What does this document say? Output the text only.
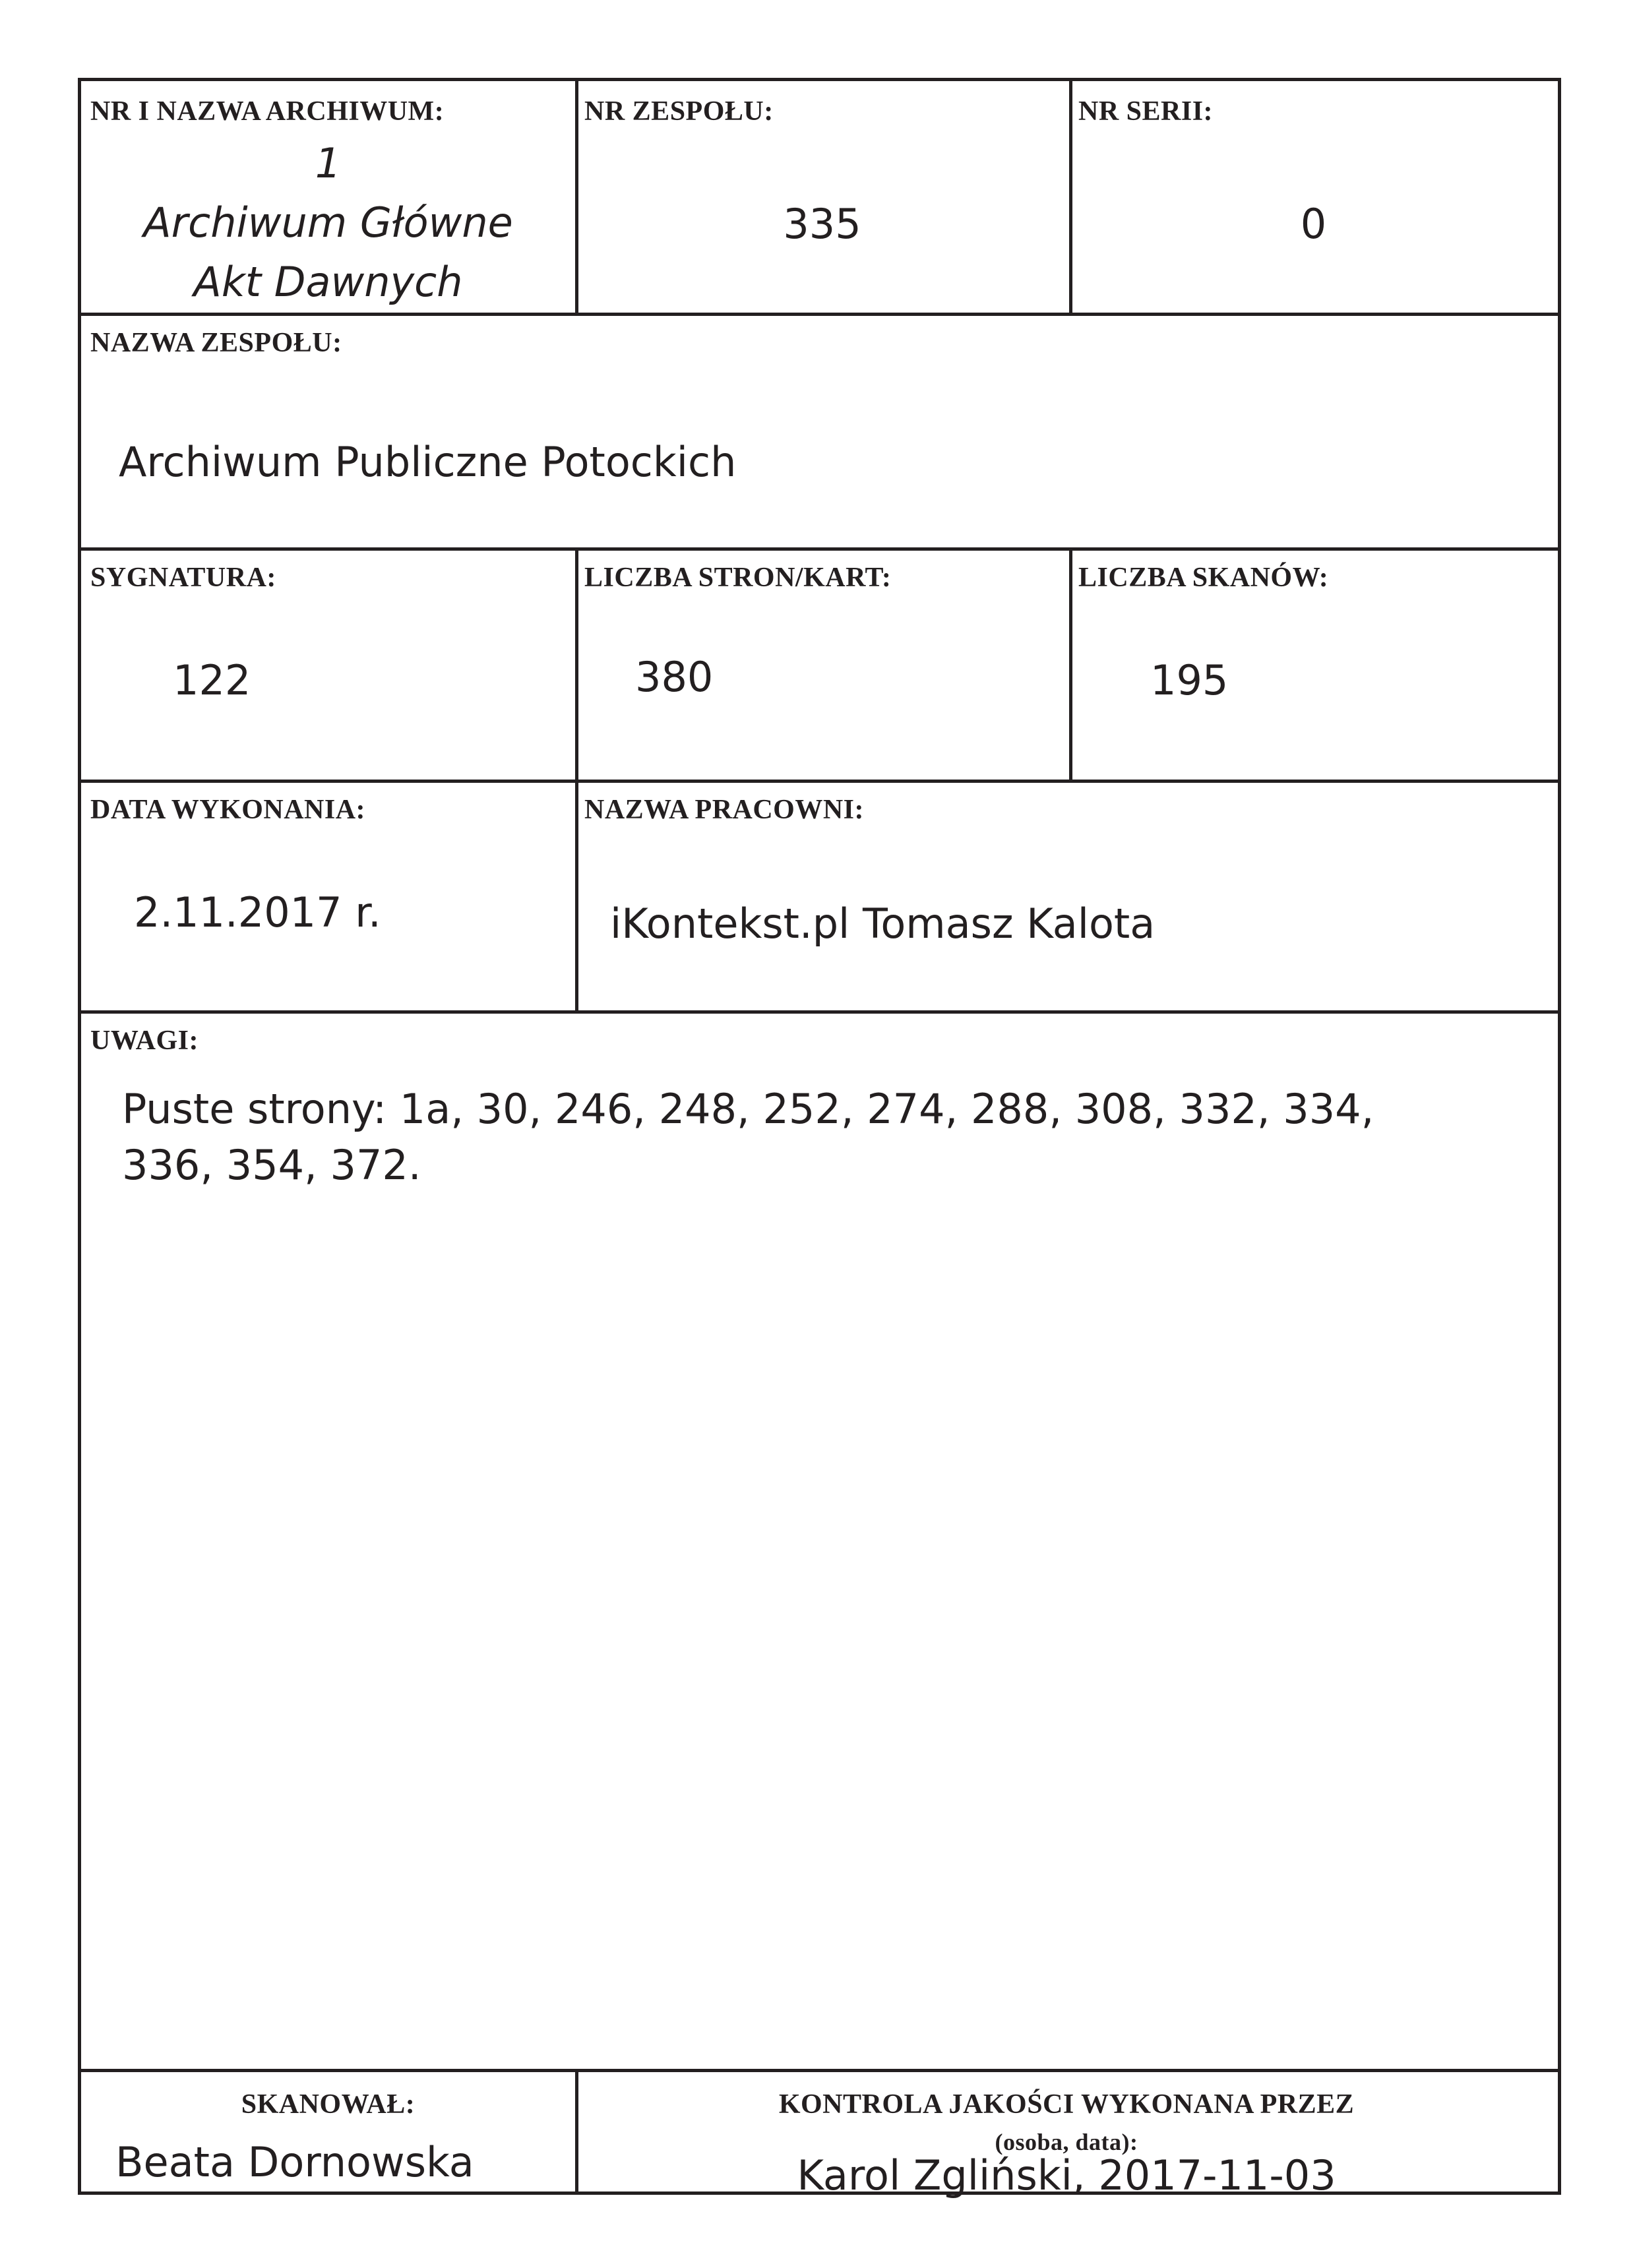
NR I NAZWA ARCHIWUM:
1
Archiwum Główne
Akt Dawnych
NR ZESPOŁU:
335
NR SERII:
0
NAZWA ZESPOŁU:
Archiwum Publiczne Potockich
SYGNATURA:
122
LICZBA STRON/KART:
380
LICZBA SKANÓW:
195
DATA WYKONANIA:
2.11.2017 r.
NAZWA PRACOWNI:
iKontekst.pl Tomasz Kalota
UWAGI:
Puste strony: 1a, 30, 246, 248, 252, 274, 288, 308, 332, 334,
336, 354, 372.
SKANOWAŁ:
Beata Dornowska
KONTROLA JAKOŚCI WYKONANA PRZEZ
(osoba, data):
Karol Zgliński, 2017-11-03
